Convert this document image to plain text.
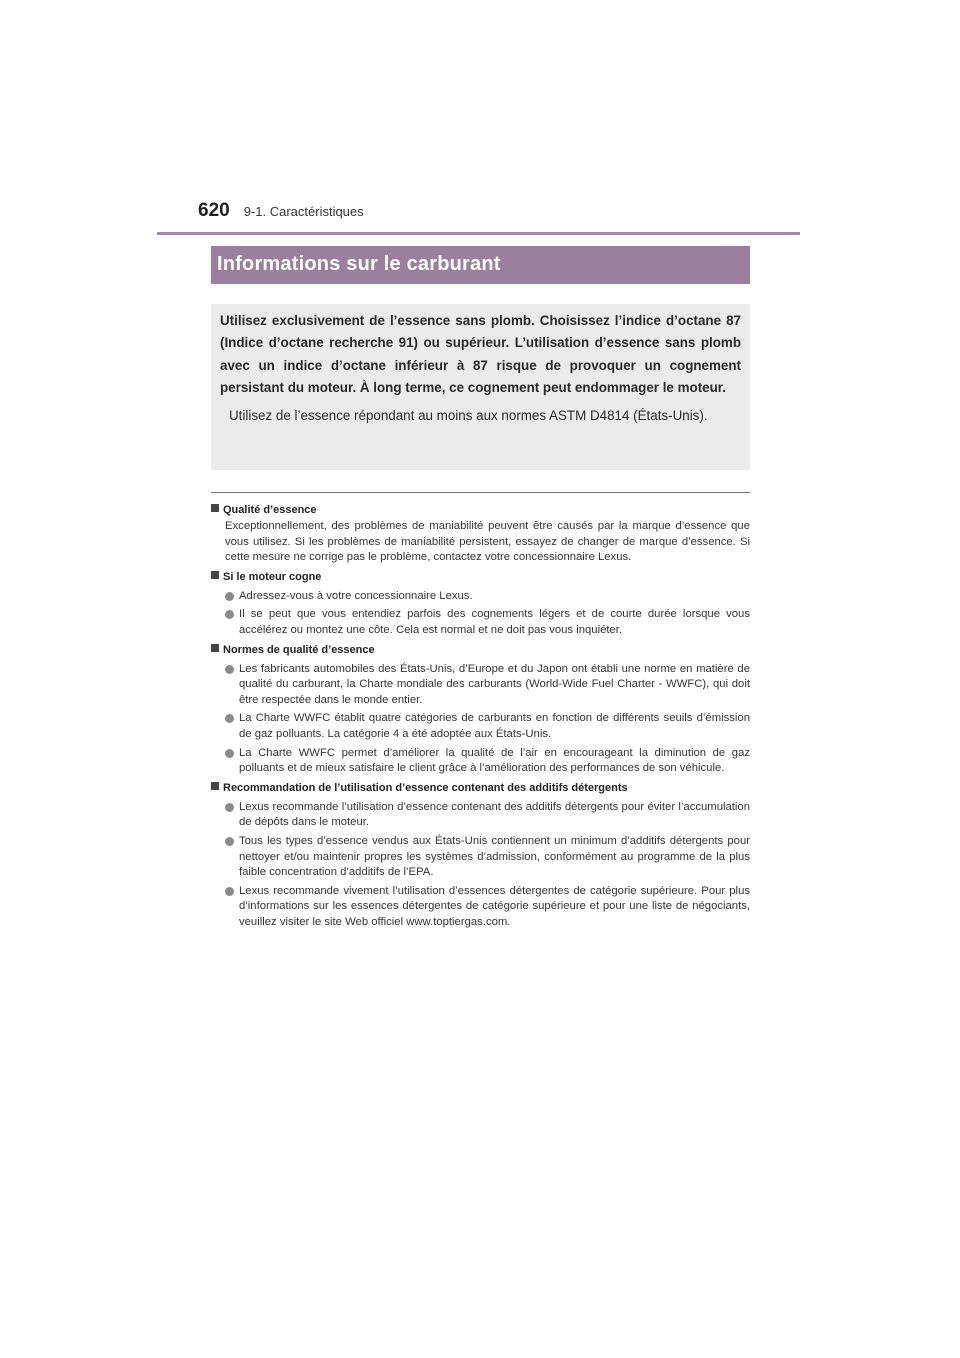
620 9-1. Caractéristiques
Informations sur le carburant

Utilisez exclusivement de l’essence sans plomb. Choisissez l’indice d’octane 87 (Indice d’octane recherche 91) ou supérieur. L’utilisation d’essence sans plomb avec un indice d’octane inférieur à 87 risque de provoquer un cognement persistant du moteur. À long terme, ce cognement peut endommager le moteur.

Utilisez de l’essence répondant au moins aux normes ASTM D4814 (États-Unis).

Qualité d’essence

Exceptionnellement, des problèmes de maniabilité peuvent être causés par la marque d’essence que vous utilisez. Si les problèmes de maniabilité persistent, essayez de changer de marque d’essence. Si cette mesure ne corrige pas le problème, contactez votre concessionnaire Lexus.

Si le moteur cogne
Adressez-vous à votre concessionnaire Lexus.
Il se peut que vous entendiez parfois des cognements légers et de courte durée lorsque vous accélérez ou montez une côte. Cela est normal et ne doit pas vous inquiéter.
Normes de qualité d’essence
Les fabricants automobiles des États-Unis, d’Europe et du Japon ont établi une norme en matière de qualité du carburant, la Charte mondiale des carburants (World-Wide Fuel Charter - WWFC), qui doit être respectée dans le monde entier.
La Charte WWFC établit quatre catégories de carburants en fonction de différents seuils d’émission de gaz polluants. La catégorie 4 a été adoptée aux États-Unis.
La Charte WWFC permet d’améliorer la qualité de l’air en encourageant la diminution de gaz polluants et de mieux satisfaire le client grâce à l’amélioration des performances de son véhicule.
Recommandation de l’utilisation d’essence contenant des additifs détergents
Lexus recommande l’utilisation d’essence contenant des additifs détergents pour éviter l’accumulation de dépôts dans le moteur.
Tous les types d’essence vendus aux États-Unis contiennent un minimum d’additifs détergents pour nettoyer et/ou maintenir propres les systèmes d’admission, conformément au programme de la plus faible concentration d’additifs de l’EPA.
Lexus recommande vivement l’utilisation d’essences détergentes de catégorie supérieure. Pour plus d’informations sur les essences détergentes de catégorie supérieure et pour une liste de négociants, veuillez visiter le site Web officiel www.toptiergas.com.
